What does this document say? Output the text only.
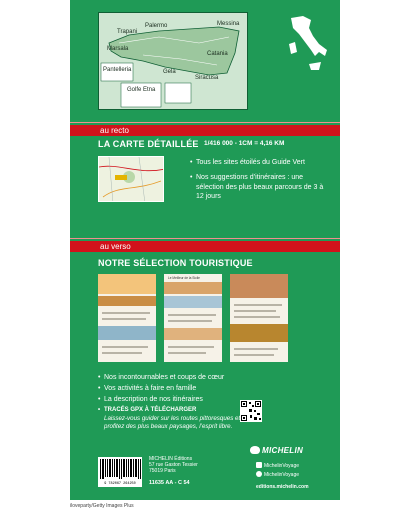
Trapani
Palermo	Messina
Marsala
Catania
Gela
Siracusa
Pantelleria
Golfe Etna
au recto
LA CARTE DÉTAILLÉE 1/416 000 - 1CM = 4,16 KM
• Tous les sites étoilés du Guide Vert
• Nos suggestions d’itinéraires : une sélection des plus beaux parcours de 3 à 12 jours
au verso
NOTRE SÉLECTION TOURISTIQUE
Le Meilleur de la Sicile
• Nos incontournables et coups de cœur
• Vos activités à faire en famille
• La description de nos itinéraires
• TRACÉS GPX À TÉLÉCHARGER
Laissez-vous guider sur les routes pittoresques et profitez des plus beaux paysages, l’esprit libre.
9 782067 264250
MICHELIN Éditions
57 rue Gaston Tessier
75019 Paris
11635 AA - C 54
MICHELIN
MichelinVoyage
MichelinVoyage
editions.michelin.com
iloveparty/Getty Images Plus
